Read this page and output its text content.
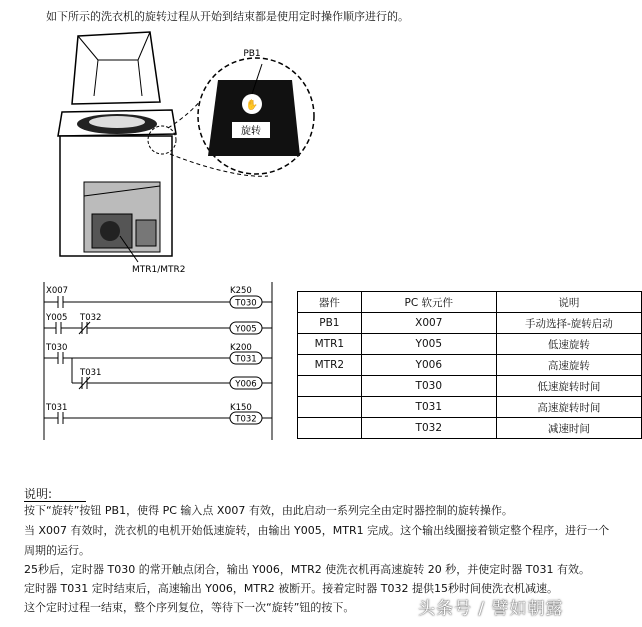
如下所示的洗衣机的旋转过程从开始到结束都是使用定时操作顺序进行的。
✋
旋转
PB1
MTR1/MTR2
X007	K250
T030
Y005 T032
Y005
T030	K200
T031
T031
Y006
T031	K150
T032
器件	PC 软元件	说明
PB1	X007	手动选择-旋转启动
MTR1	Y005	低速旋转
MTR2	Y006	高速旋转
	T030	低速旋转时间
	T031	高速旋转时间
	T032	减速时间
说明:
按下“旋转”按钮 PB1，使得 PC 输入点 X007 有效，由此启动一系列完全由定时器控制的旋转操作。
当 X007 有效时，洗衣机的电机开始低速旋转，由输出 Y005，MTR1 完成。这个输出线圈接着锁定整个程序，进行一个
周期的运行。
25秒后，定时器 T030 的常开触点闭合，输出 Y006，MTR2 使洗衣机再高速旋转 20 秒，并使定时器 T031 有效。
定时器 T031 定时结束后，高速输出 Y006，MTR2 被断开。接着定时器 T032 提供15秒时间使洗衣机减速。
这个定时过程一结束，整个序列复位，等待下一次“旋转”钮的按下。	头条号 / 譬如朝露
